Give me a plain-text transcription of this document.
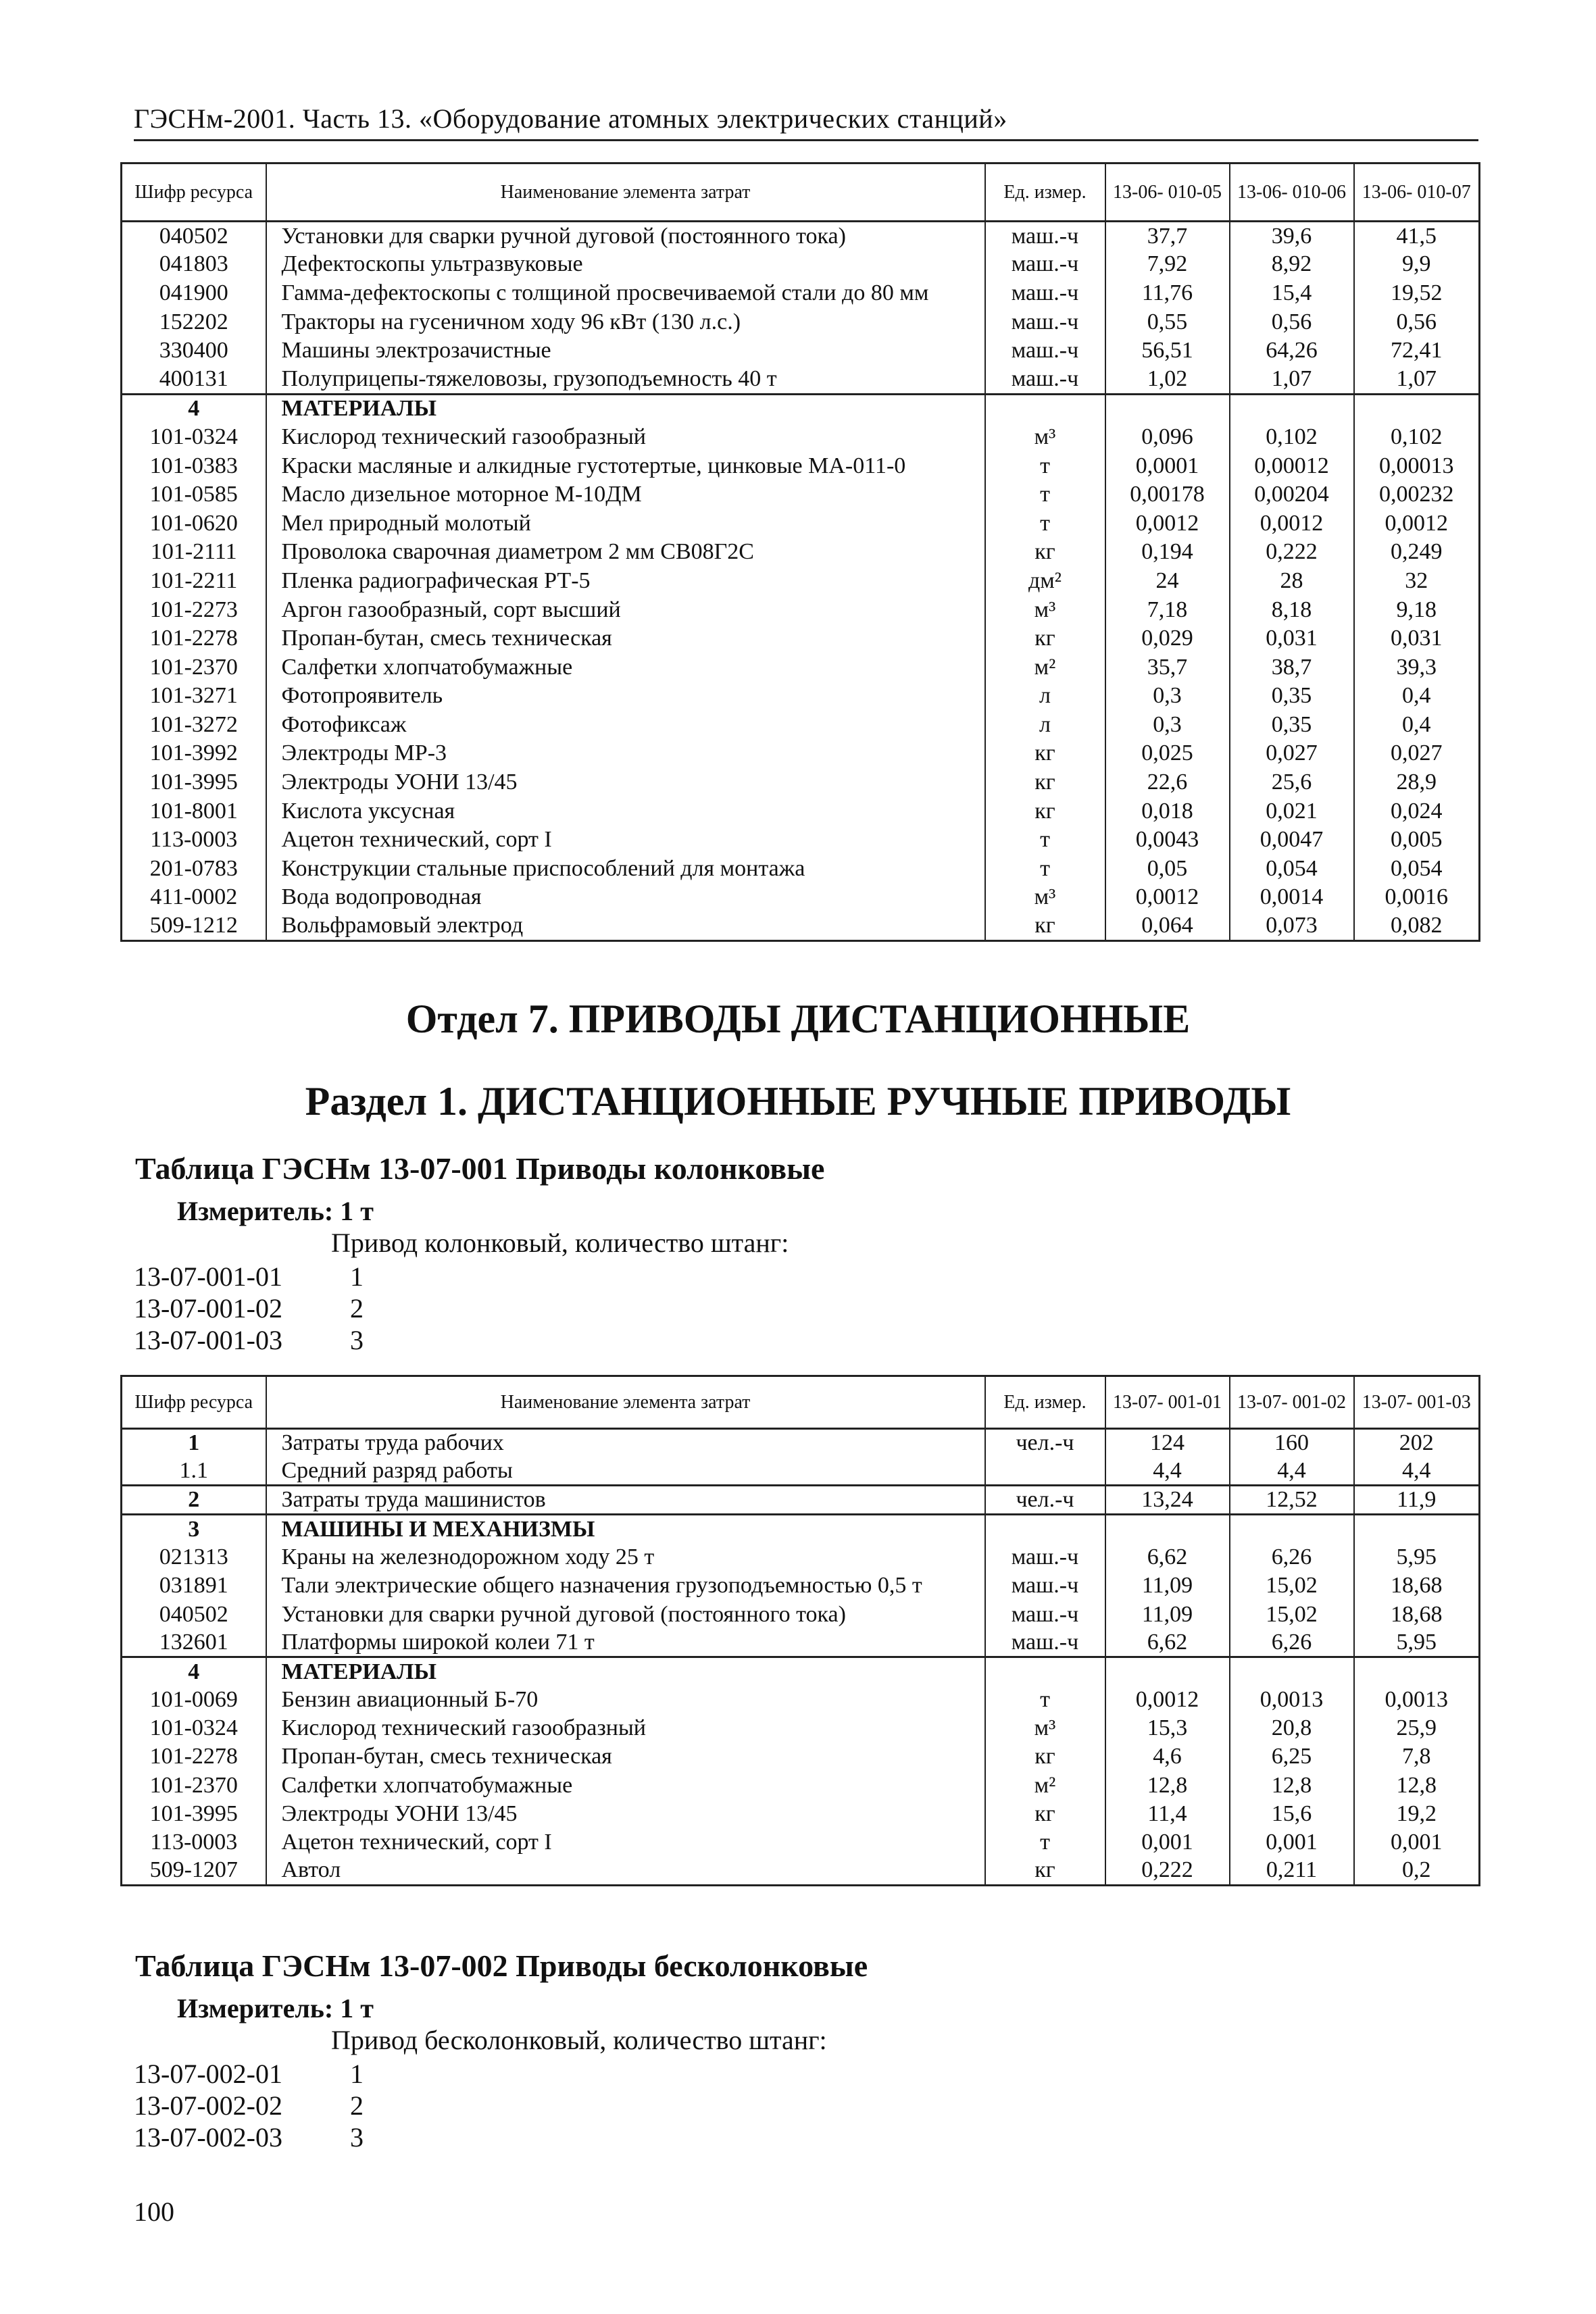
ГЭСНм-2001. Часть 13. «Оборудование атомных электрических станций»
Шифр ресурса	Наименование элемента затрат	Ед. измер.	13-06- 010-05	13-06- 010-06	13-06- 010-07
040502	Установки для сварки ручной дуговой (постоянного тока)	маш.-ч	37,7	39,6	41,5
041803	Дефектоскопы ультразвуковые	маш.-ч	7,92	8,92	9,9
041900	Гамма-дефектоскопы с толщиной просвечиваемой стали до 80 мм	маш.-ч	11,76	15,4	19,52
152202	Тракторы на гусеничном ходу 96 кВт (130 л.с.)	маш.-ч	0,55	0,56	0,56
330400	Машины электрозачистные	маш.-ч	56,51	64,26	72,41
400131	Полуприцепы-тяжеловозы, грузоподъемность 40 т	маш.-ч	1,02	1,07	1,07
4	МАТЕРИАЛЫ				
101-0324	Кислород технический газообразный	м³	0,096	0,102	0,102
101-0383	Краски масляные и алкидные густотертые, цинковые МА-011-0	т	0,0001	0,00012	0,00013
101-0585	Масло дизельное моторное М-10ДМ	т	0,00178	0,00204	0,00232
101-0620	Мел природный молотый	т	0,0012	0,0012	0,0012
101-2111	Проволока сварочная диаметром 2 мм СВ08Г2С	кг	0,194	0,222	0,249
101-2211	Пленка радиографическая РТ-5	дм²	24	28	32
101-2273	Аргон газообразный, сорт высший	м³	7,18	8,18	9,18
101-2278	Пропан-бутан, смесь техническая	кг	0,029	0,031	0,031
101-2370	Салфетки хлопчатобумажные	м²	35,7	38,7	39,3
101-3271	Фотопроявитель	л	0,3	0,35	0,4
101-3272	Фотофиксаж	л	0,3	0,35	0,4
101-3992	Электроды МР-3	кг	0,025	0,027	0,027
101-3995	Электроды УОНИ 13/45	кг	22,6	25,6	28,9
101-8001	Кислота уксусная	кг	0,018	0,021	0,024
113-0003	Ацетон технический, сорт I	т	0,0043	0,0047	0,005
201-0783	Конструкции стальные приспособлений для монтажа	т	0,05	0,054	0,054
411-0002	Вода водопроводная	м³	0,0012	0,0014	0,0016
509-1212	Вольфрамовый электрод	кг	0,064	0,073	0,082
Отдел 7. ПРИВОДЫ ДИСТАНЦИОННЫЕ
Раздел 1. ДИСТАНЦИОННЫЕ РУЧНЫЕ ПРИВОДЫ
Таблица ГЭСНм 13-07-001 Приводы колонковые
Измеритель: 1 т
Привод колонковый, количество штанг:
13-07-001-01	1
13-07-001-02	2
13-07-001-03	3
Шифр ресурса	Наименование элемента затрат	Ед. измер.	13-07- 001-01	13-07- 001-02	13-07- 001-03
1	Затраты труда рабочих	чел.-ч	124	160	202
1.1	Средний разряд работы		4,4	4,4	4,4
2	Затраты труда машинистов	чел.-ч	13,24	12,52	11,9
3	МАШИНЫ И МЕХАНИЗМЫ				
021313	Краны на железнодорожном ходу 25 т	маш.-ч	6,62	6,26	5,95
031891	Тали электрические общего назначения грузоподъемностью 0,5 т	маш.-ч	11,09	15,02	18,68
040502	Установки для сварки ручной дуговой (постоянного тока)	маш.-ч	11,09	15,02	18,68
132601	Платформы широкой колеи 71 т	маш.-ч	6,62	6,26	5,95
4	МАТЕРИАЛЫ				
101-0069	Бензин авиационный Б-70	т	0,0012	0,0013	0,0013
101-0324	Кислород технический газообразный	м³	15,3	20,8	25,9
101-2278	Пропан-бутан, смесь техническая	кг	4,6	6,25	7,8
101-2370	Салфетки хлопчатобумажные	м²	12,8	12,8	12,8
101-3995	Электроды УОНИ 13/45	кг	11,4	15,6	19,2
113-0003	Ацетон технический, сорт I	т	0,001	0,001	0,001
509-1207	Автол	кг	0,222	0,211	0,2
Таблица ГЭСНм 13-07-002 Приводы бесколонковые
Измеритель: 1 т
Привод бесколонковый, количество штанг:
13-07-002-01	1
13-07-002-02	2
13-07-002-03	3
100
